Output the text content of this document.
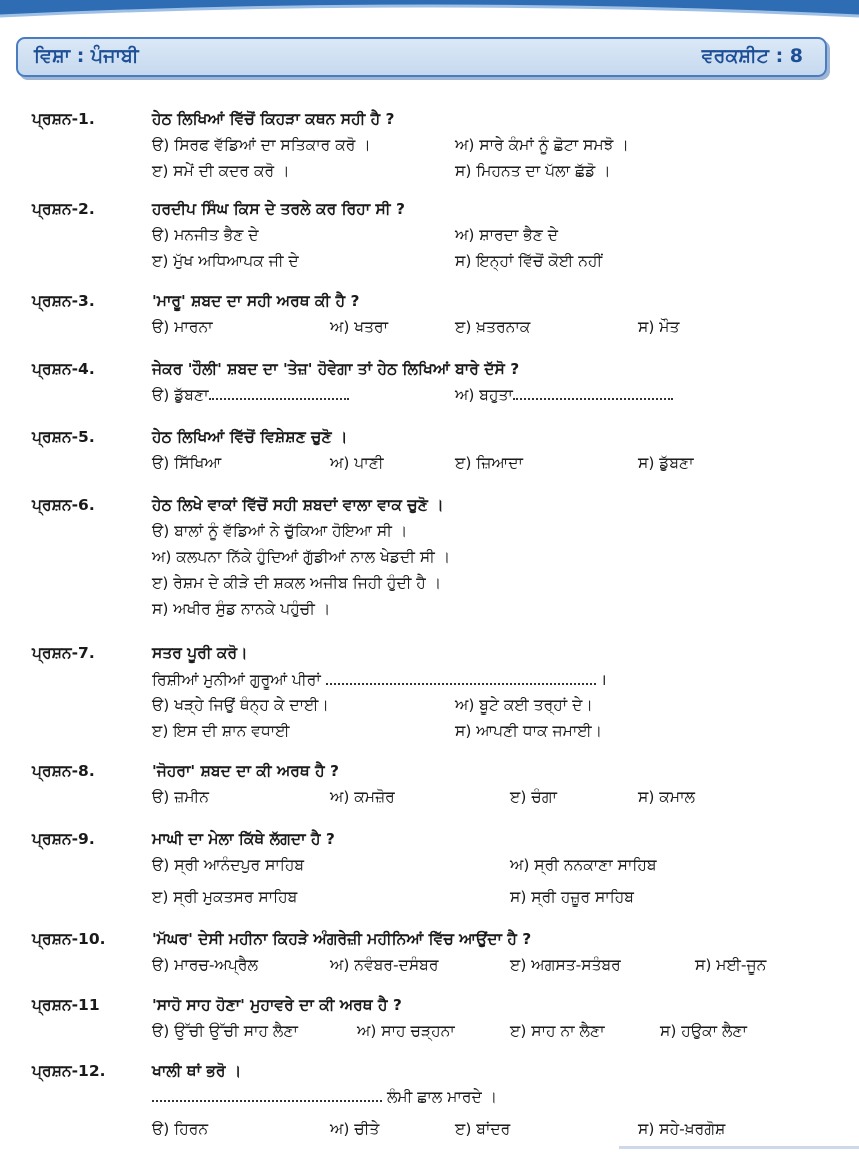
ਵਿਸ਼ਾ : ਪੰਜਾਬੀ	ਵਰਕਸ਼ੀਟ : 8
ਪ੍ਰਸ਼ਨ-1.	ਹੇਠ ਲਿਖਿਆਂ ਵਿੱਚੋਂ ਕਿਹੜਾ ਕਥਨ ਸਹੀ ਹੈ ?
ੳ) ਸਿਰਫ ਵੱਡਿਆਂ ਦਾ ਸਤਿਕਾਰ ਕਰੋ ।	ਅ) ਸਾਰੇ ਕੰਮਾਂ ਨੂੰ ਛੋਟਾ ਸਮਝੋ ।
ੲ) ਸਮੇਂ ਦੀ ਕਦਰ ਕਰੋ ।	ਸ) ਮਿਹਨਤ ਦਾ ਪੱਲਾ ਛੱਡੋ ।
ਪ੍ਰਸ਼ਨ-2.	ਹਰਦੀਪ ਸਿੰਘ ਕਿਸ ਦੇ ਤਰਲੇ ਕਰ ਰਿਹਾ ਸੀ ?
ੳ) ਮਨਜੀਤ ਭੈਣ ਦੇ	ਅ) ਸ਼ਾਰਦਾ ਭੈਣ ਦੇ
ੲ) ਮੁੱਖ ਅਧਿਆਪਕ ਜੀ ਦੇ	ਸ) ਇਨ੍ਹਾਂ ਵਿੱਚੋਂ ਕੋਈ ਨਹੀਂ
ਪ੍ਰਸ਼ਨ-3.	'ਮਾਰੂ' ਸ਼ਬਦ ਦਾ ਸਹੀ ਅਰਥ ਕੀ ਹੈ ?
ੳ) ਮਾਰਨਾ	ਅ) ਖਤਰਾ	ੲ) ਖ਼ਤਰਨਾਕ	ਸ) ਮੌਤ
ਪ੍ਰਸ਼ਨ-4.	ਜੇਕਰ 'ਹੌਲੀ' ਸ਼ਬਦ ਦਾ 'ਤੇਜ਼' ਹੋਵੇਗਾ ਤਾਂ ਹੇਠ ਲਿਖਿਆਂ ਬਾਰੇ ਦੱਸੋ ?
ੳ) ਡੁੱਬਣਾ	ਅ) ਬਹੁਤਾ
ਪ੍ਰਸ਼ਨ-5.	ਹੇਠ ਲਿਖਿਆਂ ਵਿੱਚੋਂ ਵਿਸ਼ੇਸ਼ਣ ਚੁਣੋ ।
ੳ) ਸਿੱਖਿਆ	ਅ) ਪਾਣੀ	ੲ) ਜ਼ਿਆਦਾ	ਸ) ਡੁੱਬਣਾ
ਪ੍ਰਸ਼ਨ-6.	ਹੇਠ ਲਿਖੇ ਵਾਕਾਂ ਵਿੱਚੋਂ ਸਹੀ ਸ਼ਬਦਾਂ ਵਾਲਾ ਵਾਕ ਚੁਣੋ ।
ੳ) ਬਾਲਾਂ ਨੂੰ ਵੱਡਿਆਂ ਨੇ ਚੁੱਕਿਆ ਹੋਇਆ ਸੀ ।
ਅ) ਕਲਪਨਾ ਨਿੱਕੇ ਹੁੰਦਿਆਂ ਗੁੱਡੀਆਂ ਨਾਲ ਖੇਡਦੀ ਸੀ ।
ੲ) ਰੇਸ਼ਮ ਦੇ ਕੀੜੇ ਦੀ ਸ਼ਕਲ ਅਜੀਬ ਜਿਹੀ ਹੁੰਦੀ ਹੈ ।
ਸ) ਅਖੀਰ ਸੁੰਡ ਨਾਨਕੇ ਪਹੁੰਚੀ ।
ਪ੍ਰਸ਼ਨ-7.	ਸਤਰ ਪੂਰੀ ਕਰੋ।
ਰਿਸ਼ੀਆਂ ਮੁਨੀਆਂ ਗੁਰੂਆਂ ਪੀਰਾਂ	।
ੳ) ਖੜ੍ਹੇ ਜਿਉਂ ਥੰਨ੍ਹ ਕੇ ਦਾਈ।	ਅ) ਬੂਟੇ ਕਈ ਤਰ੍ਹਾਂ ਦੇ।
ੲ) ਇਸ ਦੀ ਸ਼ਾਨ ਵਧਾਈ	ਸ) ਆਪਣੀ ਧਾਕ ਜਮਾਈ।
ਪ੍ਰਸ਼ਨ-8.	'ਜੋਹਰਾ' ਸ਼ਬਦ ਦਾ ਕੀ ਅਰਥ ਹੈ ?
ੳ) ਜ਼ਮੀਨ	ਅ) ਕਮਜ਼ੋਰ	ੲ) ਚੰਗਾ	ਸ) ਕਮਾਲ
ਪ੍ਰਸ਼ਨ-9.	ਮਾਘੀ ਦਾ ਮੇਲਾ ਕਿੱਥੇ ਲੱਗਦਾ ਹੈ ?
ੳ) ਸ੍ਰੀ ਆਨੰਦਪੁਰ ਸਾਹਿਬ	ਅ) ਸ੍ਰੀ ਨਨਕਾਣਾ ਸਾਹਿਬ
ੲ) ਸ੍ਰੀ ਮੁਕਤਸਰ ਸਾਹਿਬ	ਸ) ਸ੍ਰੀ ਹਜ਼ੂਰ ਸਾਹਿਬ
ਪ੍ਰਸ਼ਨ-10.	'ਮੱਘਰ' ਦੇਸੀ ਮਹੀਨਾ ਕਿਹੜੇ ਅੰਗਰੇਜ਼ੀ ਮਹੀਨਿਆਂ ਵਿੱਚ ਆਉਂਦਾ ਹੈ ?
ੳ) ਮਾਰਚ-ਅਪ੍ਰੈਲ	ਅ) ਨਵੰਬਰ-ਦਸੰਬਰ	ੲ) ਅਗਸਤ-ਸਤੰਬਰ	ਸ) ਮਈ-ਜੂਨ
ਪ੍ਰਸ਼ਨ-11	'ਸਾਹੋ ਸਾਹ ਹੋਣਾ' ਮੁਹਾਵਰੇ ਦਾ ਕੀ ਅਰਥ ਹੈ ?
ੳ) ਉੱਚੀ ਉੱਚੀ ਸਾਹ ਲੈਣਾ	ਅ) ਸਾਹ ਚੜ੍ਹਨਾ	ੲ) ਸਾਹ ਨਾ ਲੈਣਾ	ਸ) ਹਉਕਾ ਲੈਣਾ
ਪ੍ਰਸ਼ਨ-12.	ਖਾਲੀ ਥਾਂ ਭਰੋ ।
ਲੰਮੀ ਛਾਲ ਮਾਰਦੇ ।
ੳ) ਹਿਰਨ	ਅ) ਚੀਤੇ	ੲ) ਬਾਂਦਰ	ਸ) ਸਹੇ-ਖ਼ਰਗੋਸ਼
